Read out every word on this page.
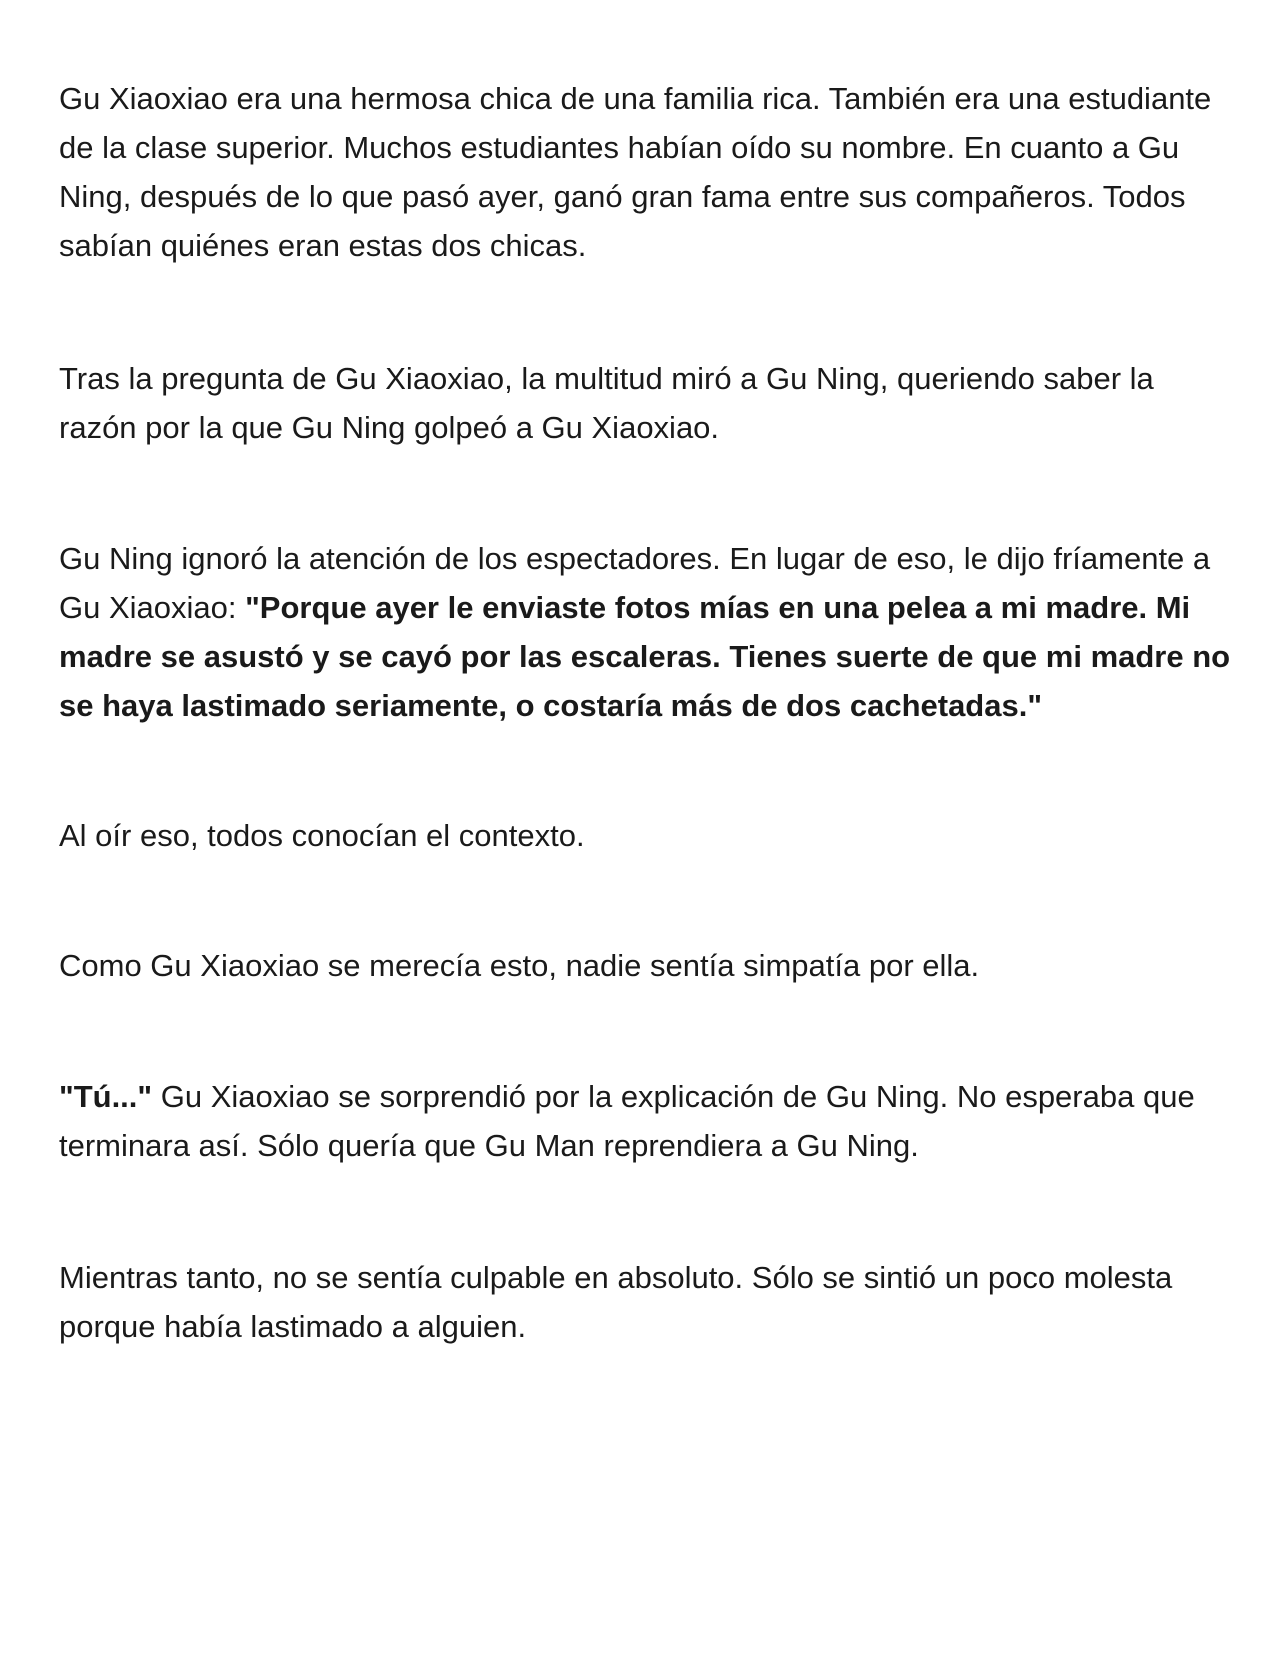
Gu Xiaoxiao era una hermosa chica de una familia rica. También era una estudiante de la clase superior. Muchos estudiantes habían oído su nombre. En cuanto a Gu Ning, después de lo que pasó ayer, ganó gran fama entre sus compañeros. Todos sabían quiénes eran estas dos chicas.

Tras la pregunta de Gu Xiaoxiao, la multitud miró a Gu Ning, queriendo saber la razón por la que Gu Ning golpeó a Gu Xiaoxiao.

Gu Ning ignoró la atención de los espectadores. En lugar de eso, le dijo fríamente a Gu Xiaoxiao: "Porque ayer le enviaste fotos mías en una pelea a mi madre. Mi madre se asustó y se cayó por las escaleras. Tienes suerte de que mi madre no se haya lastimado seriamente, o costaría más de dos cachetadas."

Al oír eso, todos conocían el contexto.

Como Gu Xiaoxiao se merecía esto, nadie sentía simpatía por ella.

"Tú..." Gu Xiaoxiao se sorprendió por la explicación de Gu Ning. No esperaba que terminara así. Sólo quería que Gu Man reprendiera a Gu Ning.

Mientras tanto, no se sentía culpable en absoluto. Sólo se sintió un poco molesta porque había lastimado a alguien.
